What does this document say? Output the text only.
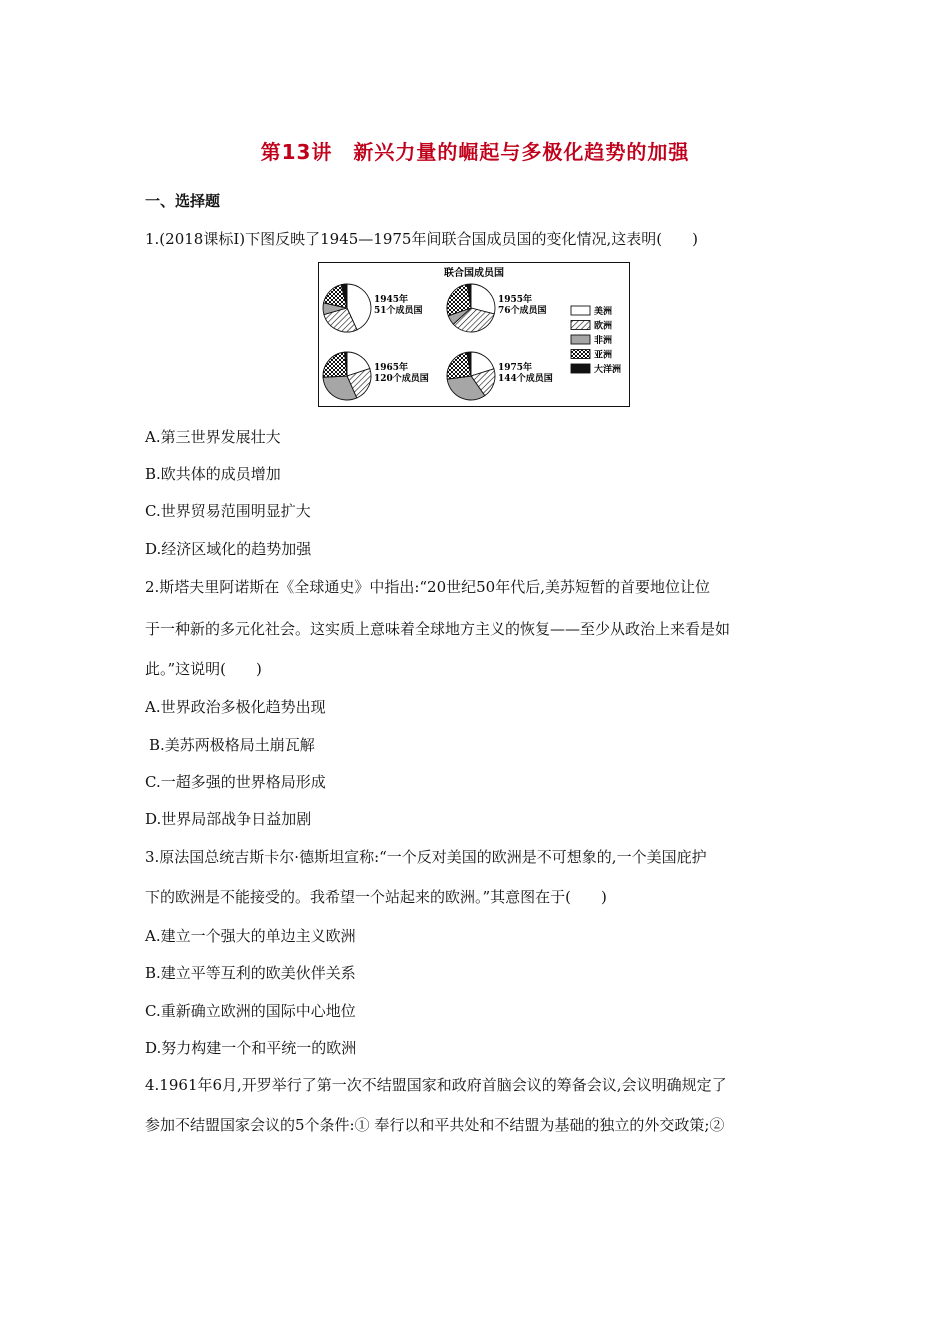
第13讲　新兴力量的崛起与多极化趋势的加强
一、选择题
1.(2018课标Ⅰ)下图反映了1945—1975年间联合国成员国的变化情况,这表明(　　)
联合国成员国
1945年
51个成员国
1955年
76个成员国
1965年
120个成员国
1975年
144个成员国
美洲
欧洲
非洲
亚洲
大洋洲
A.第三世界发展壮大
B.欧共体的成员增加
C.世界贸易范围明显扩大
D.经济区域化的趋势加强
2.斯塔夫里阿诺斯在《全球通史》中指出:“20世纪50年代后,美苏短暂的首要地位让位
于一种新的多元化社会。这实质上意味着全球地方主义的恢复——至少从政治上来看是如
此。”这说明(　　)
A.世界政治多极化趋势出现
B.美苏两极格局土崩瓦解
C.一超多强的世界格局形成
D.世界局部战争日益加剧
3.原法国总统吉斯卡尔·德斯坦宣称:“一个反对美国的欧洲是不可想象的,一个美国庇护
下的欧洲是不能接受的。我希望一个站起来的欧洲。”其意图在于(　　)
A.建立一个强大的单边主义欧洲
B.建立平等互利的欧美伙伴关系
C.重新确立欧洲的国际中心地位
D.努力构建一个和平统一的欧洲
4.1961年6月,开罗举行了第一次不结盟国家和政府首脑会议的筹备会议,会议明确规定了
参加不结盟国家会议的5个条件:① 奉行以和平共处和不结盟为基础的独立的外交政策;②
